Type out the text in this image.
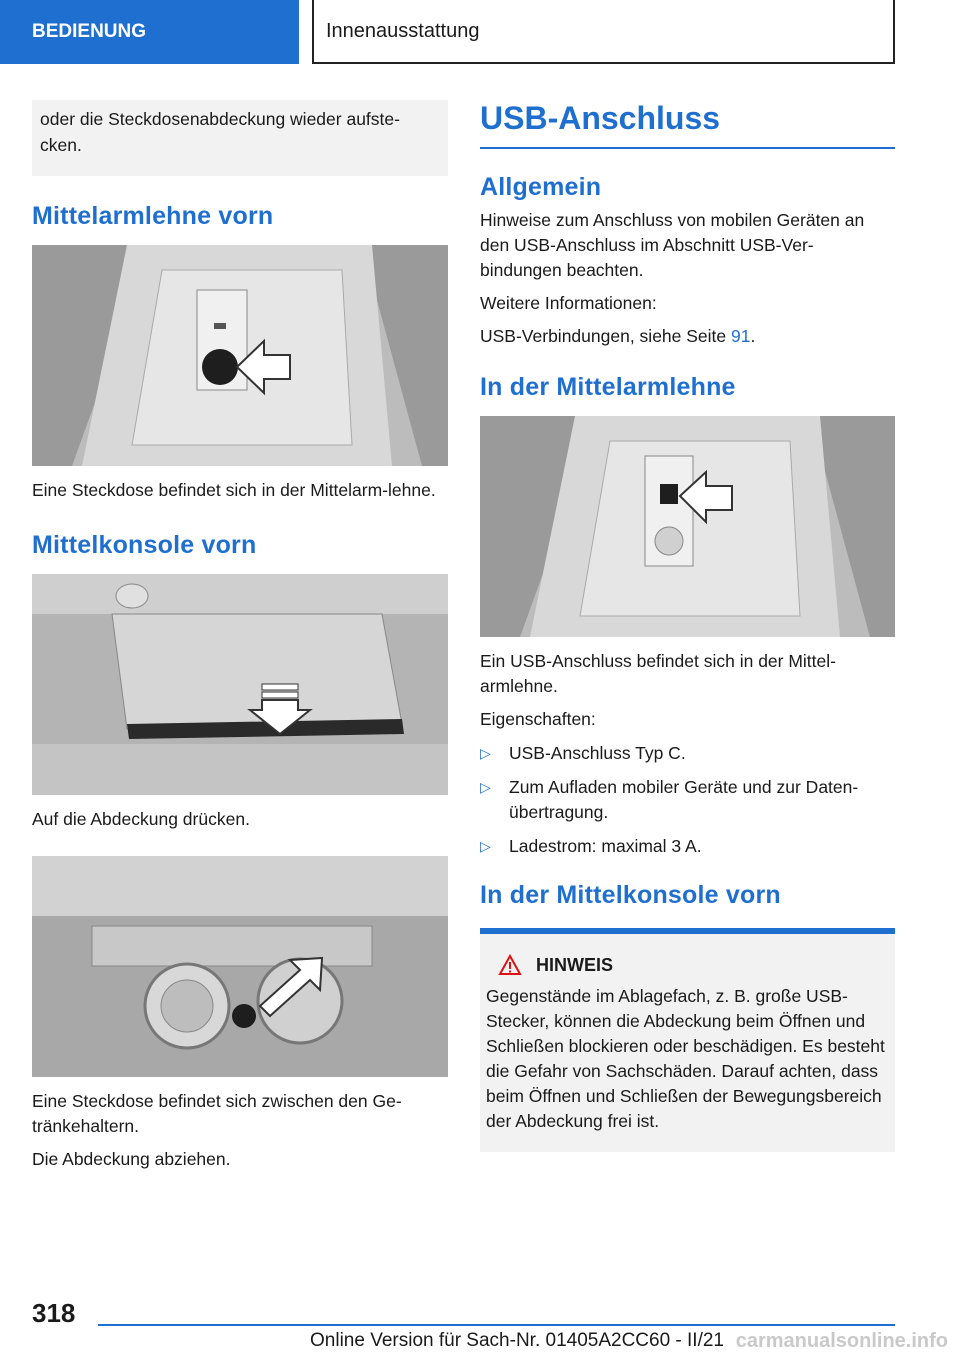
BEDIENUNG	Innenausstattung
oder die Steckdosenabdeckung wieder aufste-cken.
Mittelarmlehne vorn

Eine Steckdose befindet sich in der Mittelarm-lehne.

Mittelkonsole vorn

Auf die Abdeckung drücken.

Eine Steckdose befindet sich zwischen den Ge-tränkehaltern.

Die Abdeckung abziehen.

USB-Anschluss
Allgemein

Hinweise zum Anschluss von mobilen Geräten an den USB-Anschluss im Abschnitt USB-Ver-bindungen beachten.

Weitere Informationen:

USB-Verbindungen, siehe Seite 91.

In der Mittelarmlehne

Ein USB-Anschluss befindet sich in der Mittel-armlehne.

Eigenschaften:

▷ USB-Anschluss Typ C.
▷ Zum Aufladen mobiler Geräte und zur Daten-übertragung.
▷ Ladestrom: maximal 3 A.
In der Mittelkonsole vorn
HINWEIS

Gegenstände im Ablagefach, z. B. große USB-Stecker, können die Abdeckung beim Öffnen und Schließen blockieren oder beschädigen. Es besteht die Gefahr von Sachschäden. Darauf achten, dass beim Öffnen und Schließen der Bewegungsbereich der Abdeckung frei ist.

318
Online Version für Sach-Nr. 01405A2CC60 - II/21 carmanualsonline.info
